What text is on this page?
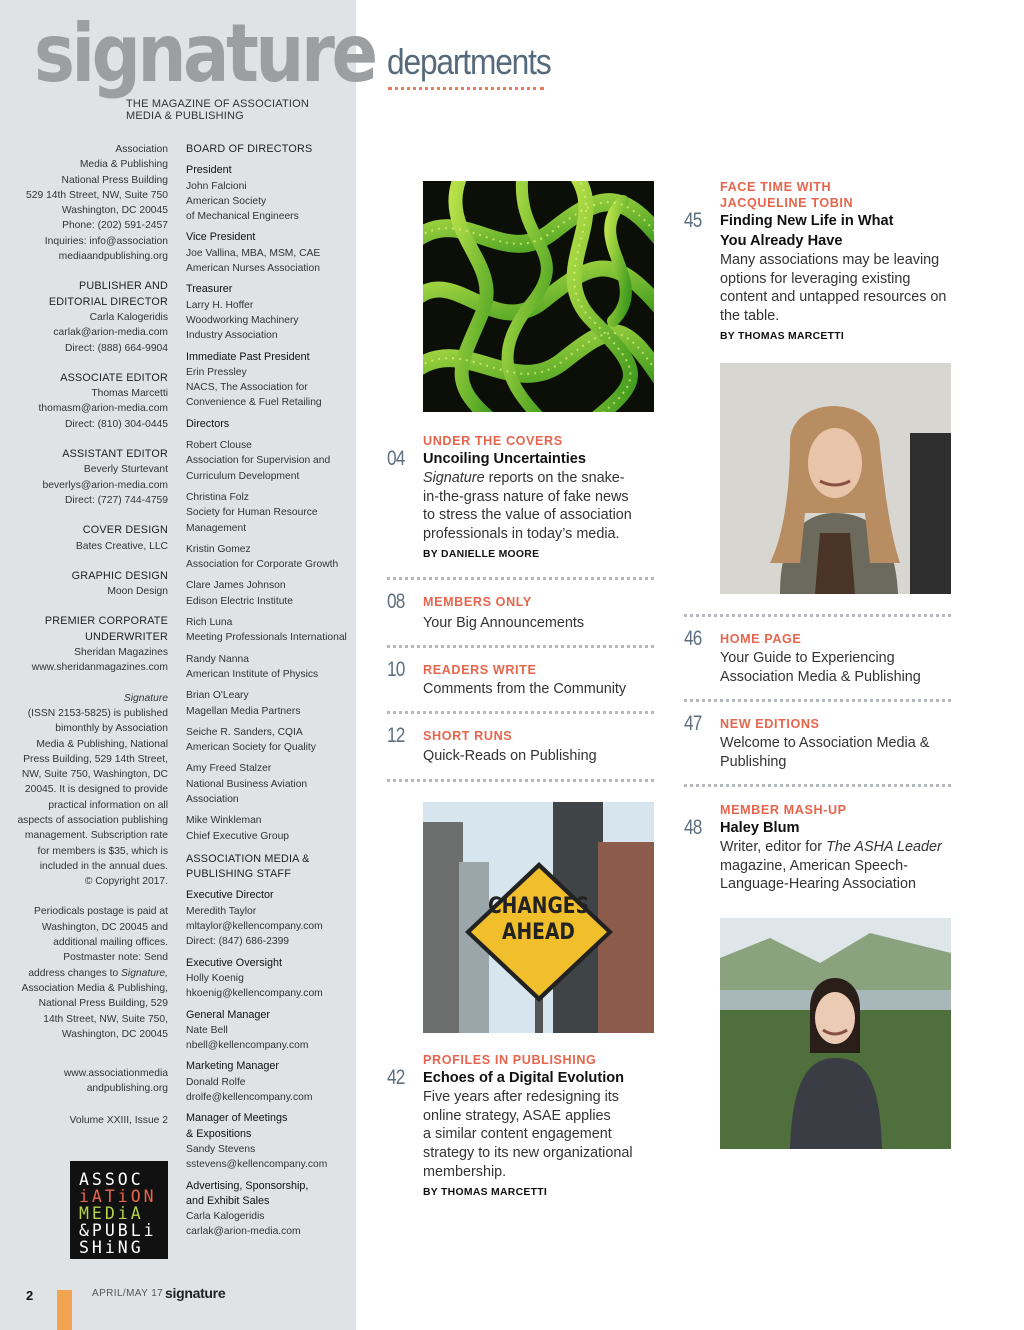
signature
THE MAGAZINE OF ASSOCIATION
MEDIA & PUBLISHING
Association
Media & Publishing
National Press Building
529 14th Street, NW, Suite 750
Washington, DC 20045
Phone: (202) 591-2457
Inquiries: info@association
mediaandpublishing.org
PUBLISHER AND
EDITORIAL DIRECTOR
Carla Kalogeridis
carlak@arion-media.com
Direct: (888) 664-9904
ASSOCIATE EDITOR
Thomas Marcetti
thomasm@arion-media.com
Direct: (810) 304-0445
ASSISTANT EDITOR
Beverly Sturtevant
beverlys@arion-media.com
Direct: (727) 744-4759
COVER DESIGN
Bates Creative, LLC
GRAPHIC DESIGN
Moon Design
PREMIER CORPORATE
UNDERWRITER
Sheridan Magazines
www.sheridanmagazines.com
Signature
(ISSN 2153-5825) is published
bimonthly by Association
Media & Publishing, National
Press Building, 529 14th Street,
NW, Suite 750, Washington, DC
20045. It is designed to provide
practical information on all
aspects of association publishing
management. Subscription rate
for members is $35, which is
included in the annual dues.
© Copyright 2017.
Periodicals postage is paid at
Washington, DC 20045 and
additional mailing offices.
Postmaster note: Send
address changes to Signature,
Association Media & Publishing,
National Press Building, 529
14th Street, NW, Suite 750,
Washington, DC 20045
www.associationmedia
andpublishing.org
Volume XXIII, Issue 2
BOARD OF DIRECTORS
President
John Falcioni
American Society
of Mechanical Engineers
Vice President
Joe Vallina, MBA, MSM, CAE
American Nurses Association
Treasurer
Larry H. Hoffer
Woodworking Machinery
Industry Association
Immediate Past President
Erin Pressley
NACS, The Association for
Convenience & Fuel Retailing
Directors
Robert Clouse
Association for Supervision and
Curriculum Development
Christina Folz
Society for Human Resource
Management
Kristin Gomez
Association for Corporate Growth
Clare James Johnson
Edison Electric Institute
Rich Luna
Meeting Professionals International
Randy Nanna
American Institute of Physics
Brian O'Leary
Magellan Media Partners
Seiche R. Sanders, CQIA
American Society for Quality
Amy Freed Stalzer
National Business Aviation
Association
Mike Winkleman
Chief Executive Group
ASSOCIATION MEDIA &
PUBLISHING STAFF
Executive Director
Meredith Taylor
mltaylor@kellencompany.com
Direct: (847) 686-2399
Executive Oversight
Holly Koenig
hkoenig@kellencompany.com
General Manager
Nate Bell
nbell@kellencompany.com
Marketing Manager
Donald Rolfe
drolfe@kellencompany.com
Manager of Meetings
& Expositions
Sandy Stevens
sstevens@kellencompany.com
Advertising, Sponsorship,
and Exhibit Sales
Carla Kalogeridis
carlak@arion-media.com
ASSOC
iATiON
MEDiA
&PUBLi
SHiNG
2	APRIL/MAY 17 signature
departments
CHANGES
AHEAD
04
UNDER THE COVERS
Uncoiling Uncertainties
Signature reports on the snake-
in-the-grass nature of fake news
to stress the value of association
professionals in today’s media.
BY DANIELLE MOORE
08 MEMBERS ONLY
Your Big Announcements
10 READERS WRITE
Comments from the Community
12 SHORT RUNS
Quick-Reads on Publishing
42
PROFILES IN PUBLISHING
Echoes of a Digital Evolution
Five years after redesigning its
online strategy, ASAE applies
a similar content engagement
strategy to its new organizational
membership.
BY THOMAS MARCETTI
45
FACE TIME WITH
JACQUELINE TOBIN
Finding New Life in What
You Already Have
Many associations may be leaving
options for leveraging existing
content and untapped resources on
the table.
BY THOMAS MARCETTI
46 HOME PAGE
Your Guide to Experiencing
Association Media & Publishing
47 NEW EDITIONS
Welcome to Association Media &
Publishing
48
MEMBER MASH-UP
Haley Blum
Writer, editor for The ASHA Leader
magazine, American Speech-
Language-Hearing Association
